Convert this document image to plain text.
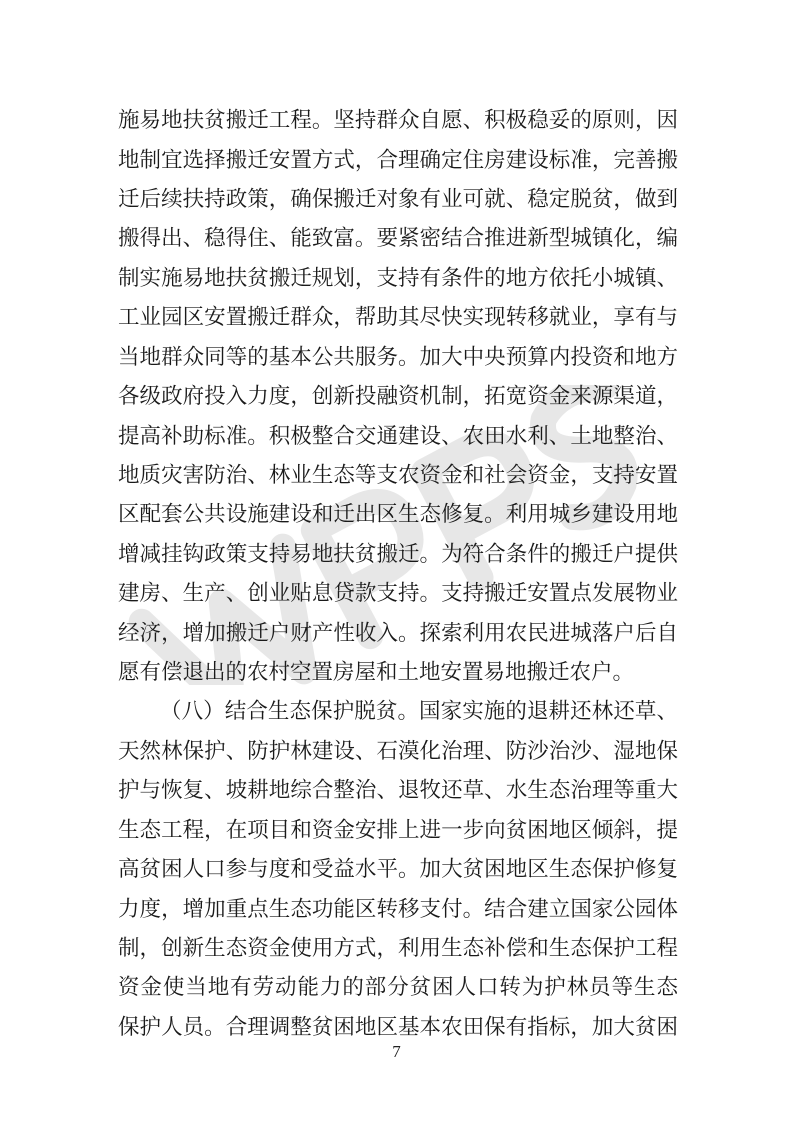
施易地扶贫搬迁工程。坚持群众自愿、积极稳妥的原则，因
地制宜选择搬迁安置方式，合理确定住房建设标准，完善搬
迁后续扶持政策，确保搬迁对象有业可就、稳定脱贫，做到
搬得出、稳得住、能致富。要紧密结合推进新型城镇化，编
制实施易地扶贫搬迁规划，支持有条件的地方依托小城镇、
工业园区安置搬迁群众，帮助其尽快实现转移就业，享有与
当地群众同等的基本公共服务。加大中央预算内投资和地方
各级政府投入力度，创新投融资机制，拓宽资金来源渠道，
提高补助标准。积极整合交通建设、农田水利、土地整治、
地质灾害防治、林业生态等支农资金和社会资金，支持安置
区配套公共设施建设和迁出区生态修复。利用城乡建设用地
增减挂钩政策支持易地扶贫搬迁。为符合条件的搬迁户提供
建房、生产、创业贴息贷款支持。支持搬迁安置点发展物业
经济，增加搬迁户财产性收入。探索利用农民进城落户后自
愿有偿退出的农村空置房屋和土地安置易地搬迁农户。
（八）结合生态保护脱贫。国家实施的退耕还林还草、
天然林保护、防护林建设、石漠化治理、防沙治沙、湿地保
护与恢复、坡耕地综合整治、退牧还草、水生态治理等重大
生态工程，在项目和资金安排上进一步向贫困地区倾斜，提
高贫困人口参与度和受益水平。加大贫困地区生态保护修复
力度，增加重点生态功能区转移支付。结合建立国家公园体
制，创新生态资金使用方式，利用生态补偿和生态保护工程
资金使当地有劳动能力的部分贫困人口转为护林员等生态
保护人员。合理调整贫困地区基本农田保有指标，加大贫困
7
